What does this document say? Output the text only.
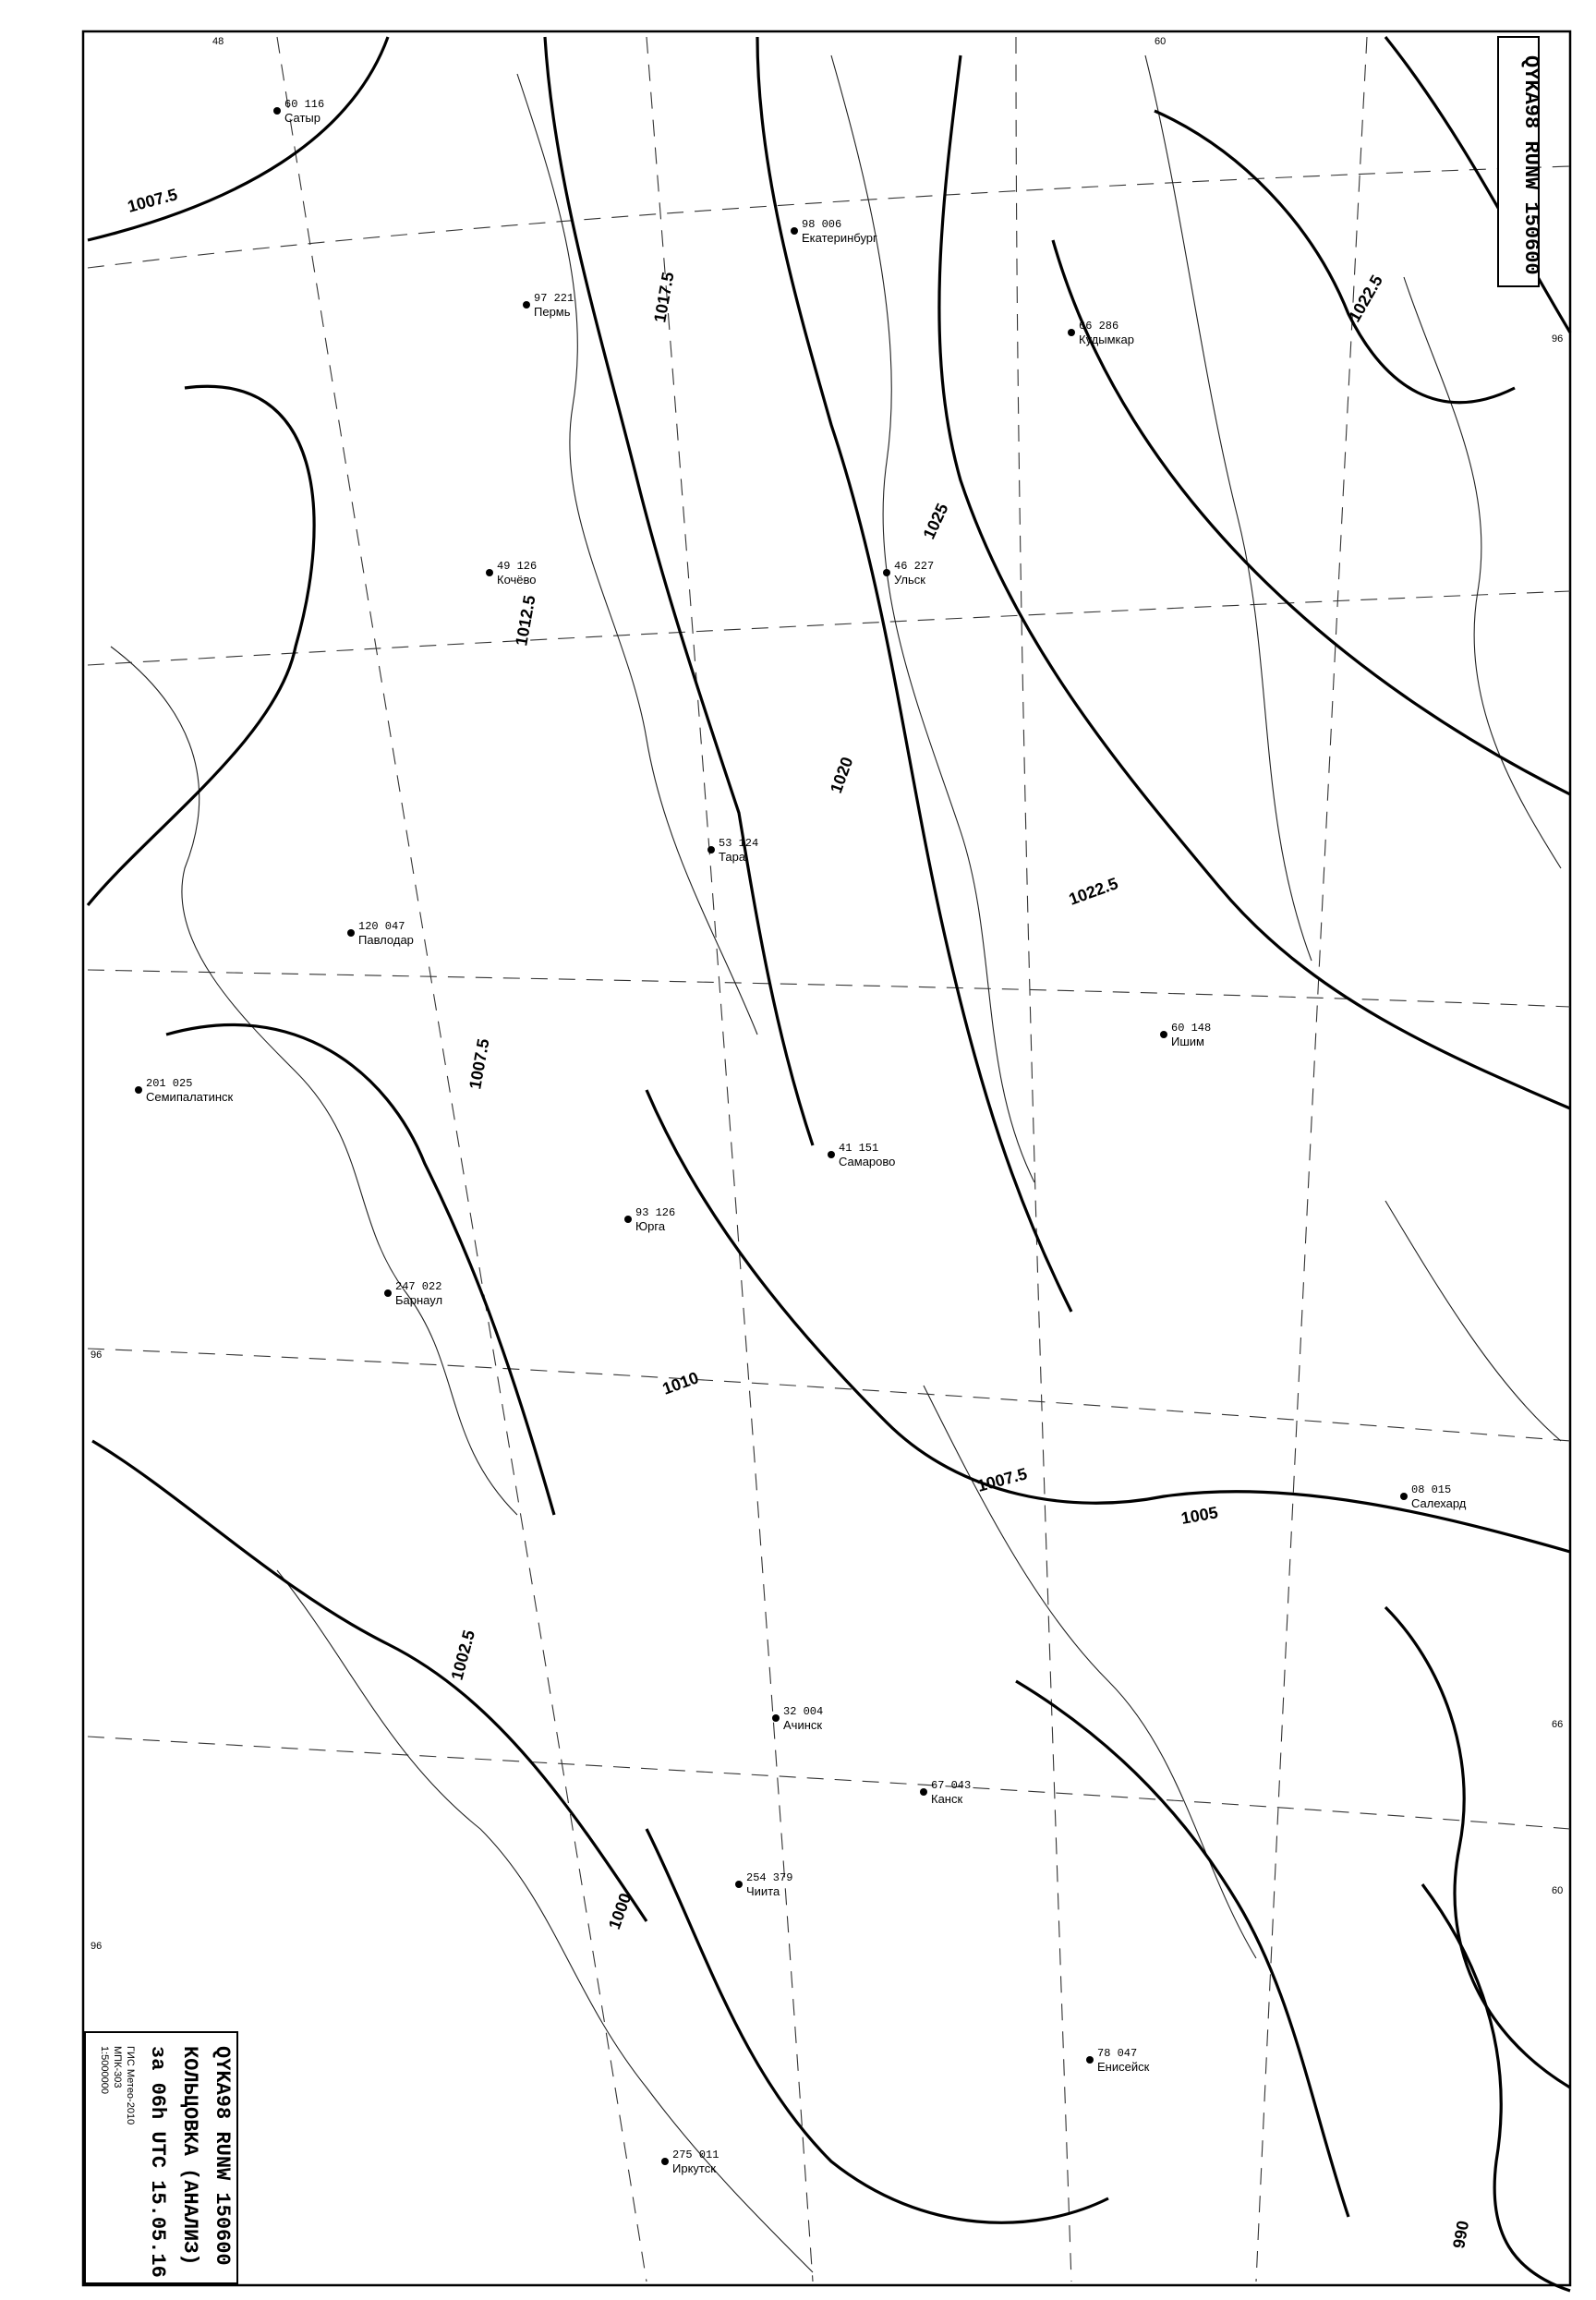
1025
1022.5
1020
1017.5
1012.5
1010
1007.5
1007.5
1005
1002.5
1000
1007.5
990
1022.5
48	60
96
96
60
66
96
60 116
Сатыр
98 006
Екатеринбург
66 286
Кудымкар
97 221
Пермь
49 126
Кочёво
46 227
Ульск
53 124
Тара
120 047
Павлодар
201 025
Семипалатинск
41 151
Самарово
247 022
Барнаул
60 148
Ишим
93 126
Юрга
67 043
Канск
78 047
Енисейск
32 004
Ачинск
254 379
Чиита
275 011
Иркутск
08 015
Салехард
QYKA98 RUNW 150600
QYKA98 RUNW 150600
КОЛЬЦОВКА (АНАЛИЗ)
за 06h UTC 15.05.16
ГИС Метео-2010
МПК-303
1:5000000
